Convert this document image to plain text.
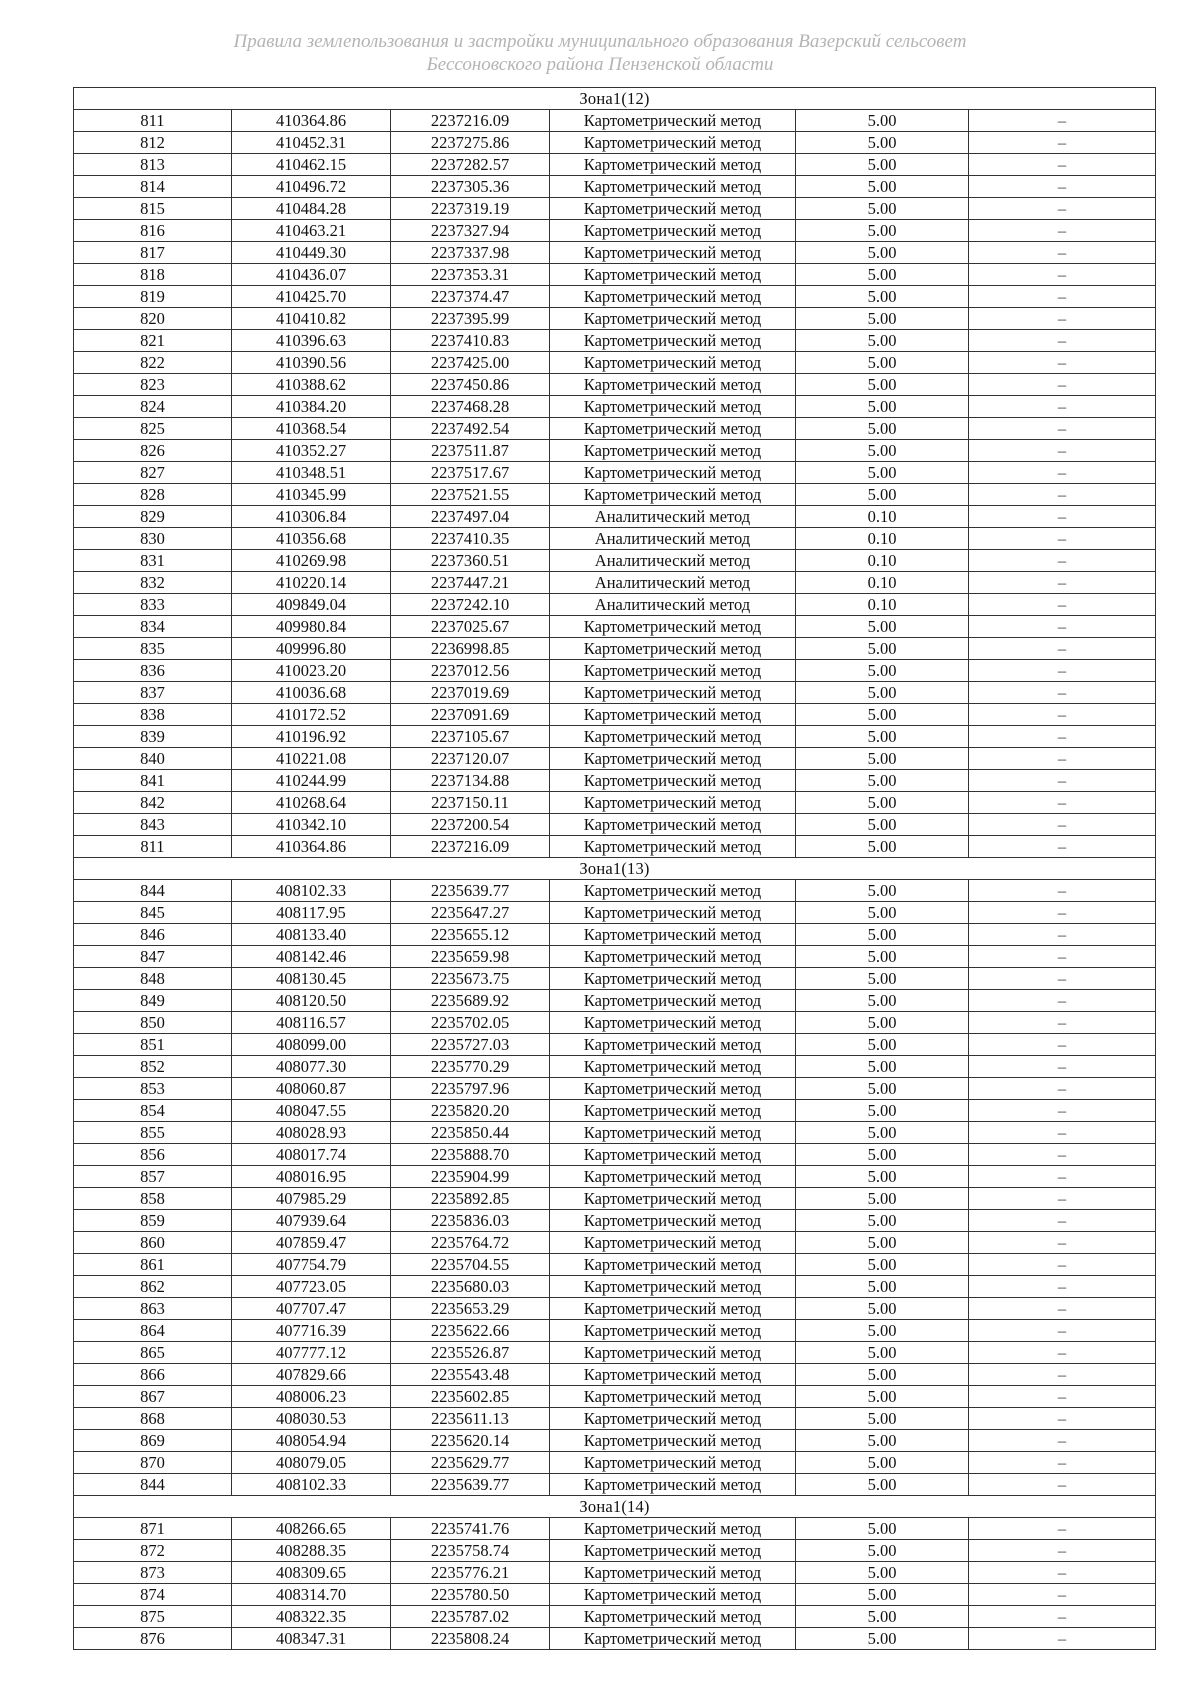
Правила землепользования и застройки муниципального образования Вазерский сельсовет
Бессоновского района Пензенской области
Зона1(12)					
811	410364.86	2237216.09	Картометрический метод	5.00	–
812	410452.31	2237275.86	Картометрический метод	5.00	–
813	410462.15	2237282.57	Картометрический метод	5.00	–
814	410496.72	2237305.36	Картометрический метод	5.00	–
815	410484.28	2237319.19	Картометрический метод	5.00	–
816	410463.21	2237327.94	Картометрический метод	5.00	–
817	410449.30	2237337.98	Картометрический метод	5.00	–
818	410436.07	2237353.31	Картометрический метод	5.00	–
819	410425.70	2237374.47	Картометрический метод	5.00	–
820	410410.82	2237395.99	Картометрический метод	5.00	–
821	410396.63	2237410.83	Картометрический метод	5.00	–
822	410390.56	2237425.00	Картометрический метод	5.00	–
823	410388.62	2237450.86	Картометрический метод	5.00	–
824	410384.20	2237468.28	Картометрический метод	5.00	–
825	410368.54	2237492.54	Картометрический метод	5.00	–
826	410352.27	2237511.87	Картометрический метод	5.00	–
827	410348.51	2237517.67	Картометрический метод	5.00	–
828	410345.99	2237521.55	Картометрический метод	5.00	–
829	410306.84	2237497.04	Аналитический метод	0.10	–
830	410356.68	2237410.35	Аналитический метод	0.10	–
831	410269.98	2237360.51	Аналитический метод	0.10	–
832	410220.14	2237447.21	Аналитический метод	0.10	–
833	409849.04	2237242.10	Аналитический метод	0.10	–
834	409980.84	2237025.67	Картометрический метод	5.00	–
835	409996.80	2236998.85	Картометрический метод	5.00	–
836	410023.20	2237012.56	Картометрический метод	5.00	–
837	410036.68	2237019.69	Картометрический метод	5.00	–
838	410172.52	2237091.69	Картометрический метод	5.00	–
839	410196.92	2237105.67	Картометрический метод	5.00	–
840	410221.08	2237120.07	Картометрический метод	5.00	–
841	410244.99	2237134.88	Картометрический метод	5.00	–
842	410268.64	2237150.11	Картометрический метод	5.00	–
843	410342.10	2237200.54	Картометрический метод	5.00	–
811	410364.86	2237216.09	Картометрический метод	5.00	–
Зона1(13)					
844	408102.33	2235639.77	Картометрический метод	5.00	–
845	408117.95	2235647.27	Картометрический метод	5.00	–
846	408133.40	2235655.12	Картометрический метод	5.00	–
847	408142.46	2235659.98	Картометрический метод	5.00	–
848	408130.45	2235673.75	Картометрический метод	5.00	–
849	408120.50	2235689.92	Картометрический метод	5.00	–
850	408116.57	2235702.05	Картометрический метод	5.00	–
851	408099.00	2235727.03	Картометрический метод	5.00	–
852	408077.30	2235770.29	Картометрический метод	5.00	–
853	408060.87	2235797.96	Картометрический метод	5.00	–
854	408047.55	2235820.20	Картометрический метод	5.00	–
855	408028.93	2235850.44	Картометрический метод	5.00	–
856	408017.74	2235888.70	Картометрический метод	5.00	–
857	408016.95	2235904.99	Картометрический метод	5.00	–
858	407985.29	2235892.85	Картометрический метод	5.00	–
859	407939.64	2235836.03	Картометрический метод	5.00	–
860	407859.47	2235764.72	Картометрический метод	5.00	–
861	407754.79	2235704.55	Картометрический метод	5.00	–
862	407723.05	2235680.03	Картометрический метод	5.00	–
863	407707.47	2235653.29	Картометрический метод	5.00	–
864	407716.39	2235622.66	Картометрический метод	5.00	–
865	407777.12	2235526.87	Картометрический метод	5.00	–
866	407829.66	2235543.48	Картометрический метод	5.00	–
867	408006.23	2235602.85	Картометрический метод	5.00	–
868	408030.53	2235611.13	Картометрический метод	5.00	–
869	408054.94	2235620.14	Картометрический метод	5.00	–
870	408079.05	2235629.77	Картометрический метод	5.00	–
844	408102.33	2235639.77	Картометрический метод	5.00	–
Зона1(14)					
871	408266.65	2235741.76	Картометрический метод	5.00	–
872	408288.35	2235758.74	Картометрический метод	5.00	–
873	408309.65	2235776.21	Картометрический метод	5.00	–
874	408314.70	2235780.50	Картометрический метод	5.00	–
875	408322.35	2235787.02	Картометрический метод	5.00	–
876	408347.31	2235808.24	Картометрический метод	5.00	–
